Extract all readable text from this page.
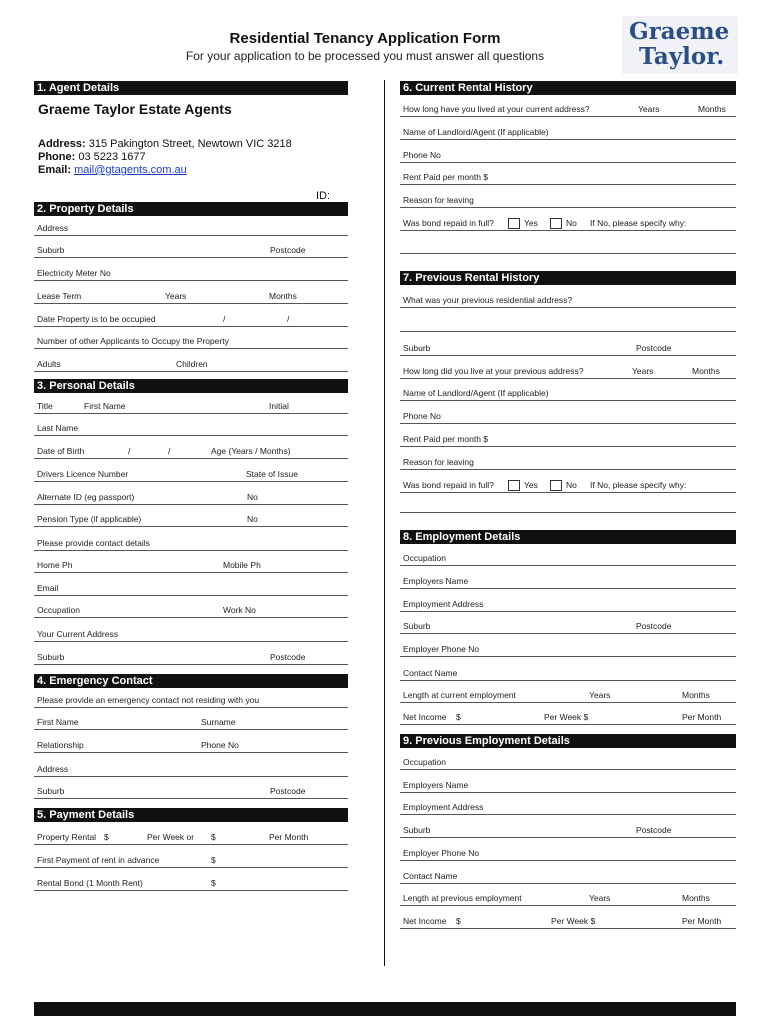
Residential Tenancy Application Form
For your application to be processed you must answer all questions
Graeme
Taylor.
1. Agent Details
Graeme Taylor Estate Agents
Address: 315 Pakington Street, Newtown VIC 3218
Phone: 03 5223 1677
Email: mail@gtagents.com.au
ID:
2. Property Details
Address
Suburb	Postcode
Electricity Meter No
Lease Term	Years	Months
Date Property is to be occupied	/	/
Number of other Applicants to Occupy the Property
Adults	Children
3. Personal Details
Title	First Name	Initial
Last Name
Date of Birth	/	/	Age (Years / Months)
Drivers Licence Number	State of Issue
Alternate ID (eg passport)	No
Pension Type (if applicable)	No
Please provide contact details
Home Ph	Mobile Ph
Email
Occupation	Work No
Your Current Address
Suburb	Postcode
4. Emergency Contact
Please provide an emergency contact not residing with you
First Name	Surname
Relationship	Phone No
Address
Suburb	Postcode
5. Payment Details
Property Rental $	Per Week or $	Per Month
First Payment of rent in advance	$
Rental Bond (1 Month Rent)	$
6. Current Rental History
How long have you lived at your current address?	Years	Months
Name of Landlord/Agent (If applicable)
Phone No
Rent Paid per month $
Reason for leaving
Was bond repaid in full?	Yes	No If No, please specify why:
7. Previous Rental History
What was your previous residential address?
Suburb	Postcode
How long did you live at your previous address?	Years	Months
Name of Landlord/Agent (If applicable)
Phone No
Rent Paid per month $
Reason for leaving
Was bond repaid in full?	Yes	No If No, please specify why:
8. Employment Details
Occupation
Employers Name
Employment Address
Suburb	Postcode
Employer Phone No
Contact Name
Length at current employment	Years	Months
Net Income $	Per Week $	Per Month
9. Previous Employment Details
Occupation
Employers Name
Employment Address
Suburb	Postcode
Employer Phone No
Contact Name
Length at previous employment	Years	Months
Net Income $	Per Week $	Per Month
